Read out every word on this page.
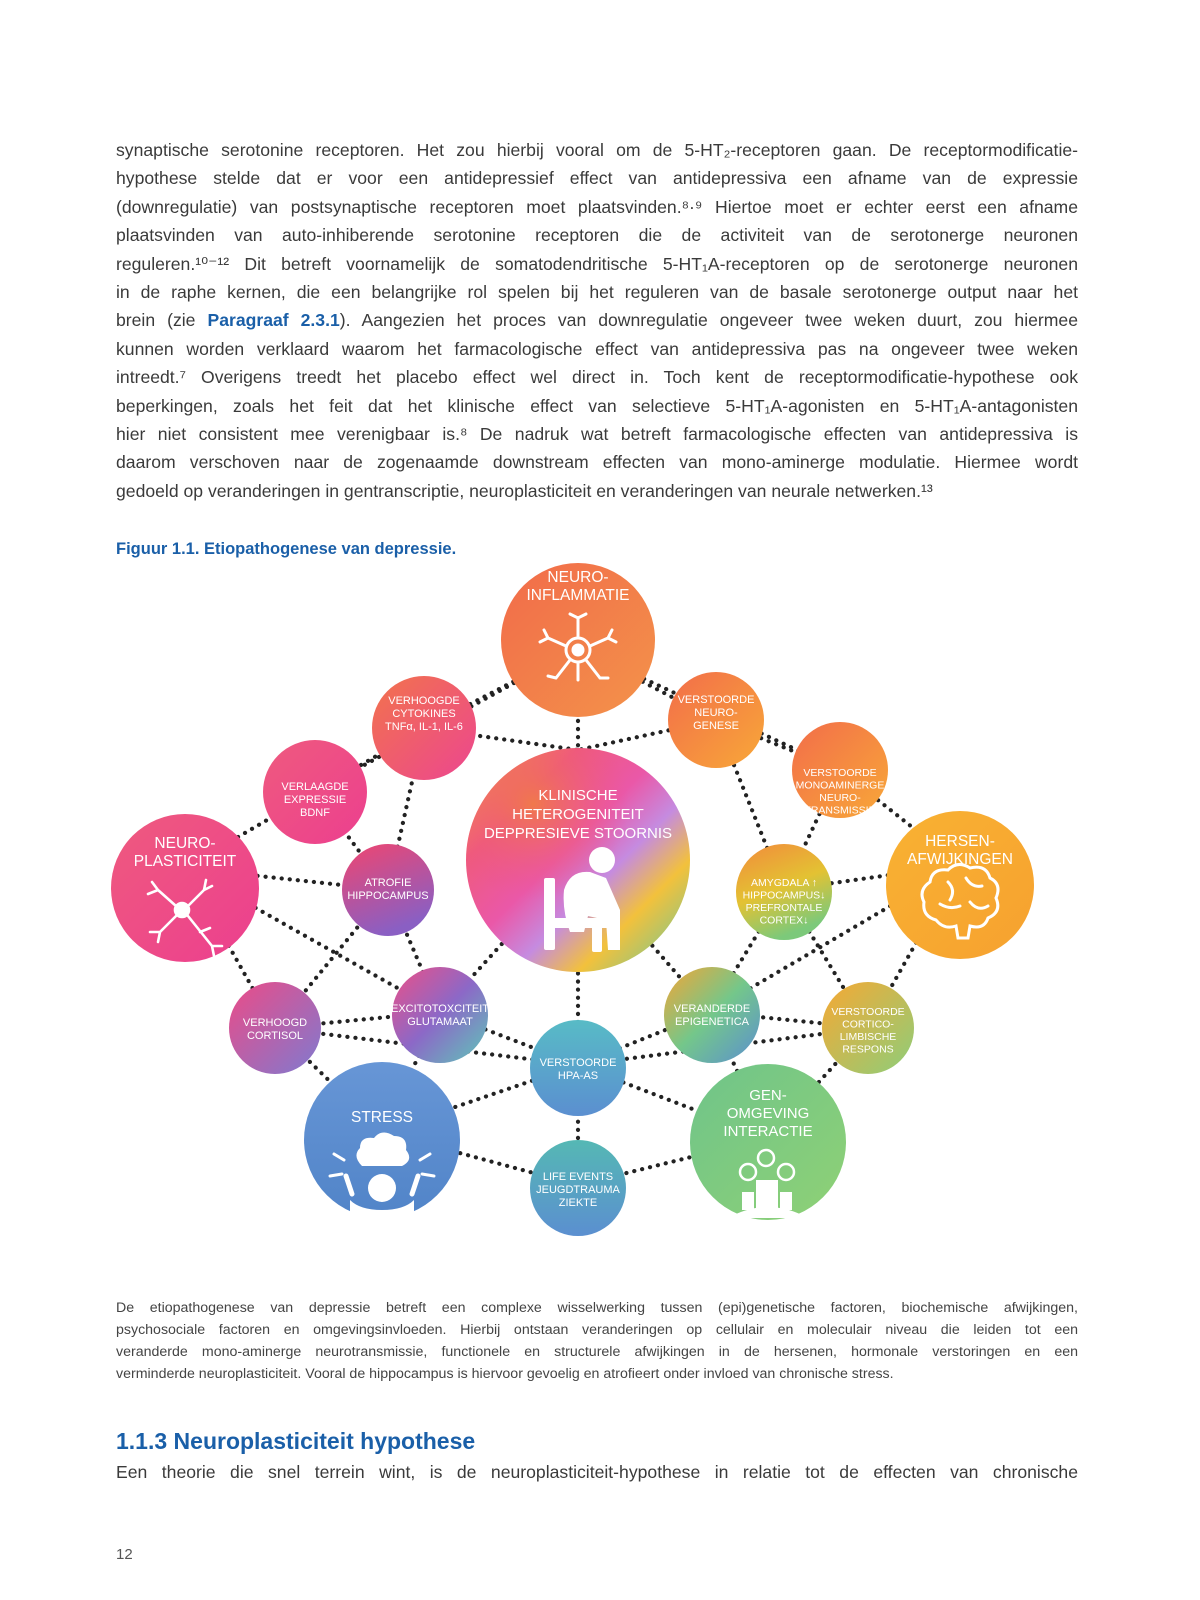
synaptische serotonine receptoren. Het zou hierbij vooral om de 5-HT₂-receptoren gaan. De receptormodificatie-
hypothese stelde dat er voor een antidepressief effect van antidepressiva een afname van de expressie
(downregulatie) van postsynaptische receptoren moet plaatsvinden.⁸·⁹ Hiertoe moet er echter eerst een afname
plaatsvinden van auto-inhiberende serotonine receptoren die de activiteit van de serotonerge neuronen
reguleren.¹⁰⁻¹² Dit betreft voornamelijk de somatodendritische 5-HT₁A-receptoren op de serotonerge neuronen
in de raphe kernen, die een belangrijke rol spelen bij het reguleren van de basale serotonerge output naar het
brein (zie Paragraaf 2.3.1). Aangezien het proces van downregulatie ongeveer twee weken duurt, zou hiermee
kunnen worden verklaard waarom het farmacologische effect van antidepressiva pas na ongeveer twee weken
intreedt.⁷ Overigens treedt het placebo effect wel direct in. Toch kent de receptormodificatie-hypothese ook
beperkingen, zoals het feit dat het klinische effect van selectieve 5-HT₁A-agonisten en 5-HT₁A-antagonisten
hier niet consistent mee verenigbaar is.⁸ De nadruk wat betreft farmacologische effecten van antidepressiva is
daarom verschoven naar de zogenaamde downstream effecten van mono-aminerge modulatie. Hiermee wordt
gedoeld op veranderingen in gentranscriptie, neuroplasticiteit en veranderingen van neurale netwerken.¹³
Figuur 1.1. Etiopathogenese van depressie.
NEURO-INFLAMMATIE
VERHOOGDE CYTOKINES TNFα, IL-1, IL-6
VERSTOORDE NEURO-GENESE
VERLAAGDE EXPRESSIE BDNF
VERSTOORDE MONOAMINERGE NEURO-TRANSMISSIE
NEURO-PLASTICITEIT
KLINISCHE HETEROGENITEIT DEPPRESIEVE STOORNIS	HERSEN-AFWIJKINGEN
ATROFIE HIPPOCAMPUS
AMYGDALA ↑ HIPPOCAMPUS↓ PREFRONTALE CORTEX↓
VERHOOGD CORTISOL
EXCITOTOXCITEIT GLUTAMAAT
VERANDERDE EPIGENETICA
VERSTOORDE CORTICO-LIMBISCHE RESPONS
VERSTOORDE HPA-AS
STRESS
GEN-OMGEVING INTERACTIE
LIFE EVENTS JEUGDTRAUMA ZIEKTE
De etiopathogenese van depressie betreft een complexe wisselwerking tussen (epi)genetische factoren, biochemische afwijkingen,
psychosociale factoren en omgevingsinvloeden. Hierbij ontstaan veranderingen op cellulair en moleculair niveau die leiden tot een
veranderde mono-aminerge neurotransmissie, functionele en structurele afwijkingen in de hersenen, hormonale verstoringen en een
verminderde neuroplasticiteit. Vooral de hippocampus is hiervoor gevoelig en atrofieert onder invloed van chronische stress.
1.1.3 Neuroplasticiteit hypothese
Een theorie die snel terrein wint, is de neuroplasticiteit-hypothese in relatie tot de effecten van chronische
12
